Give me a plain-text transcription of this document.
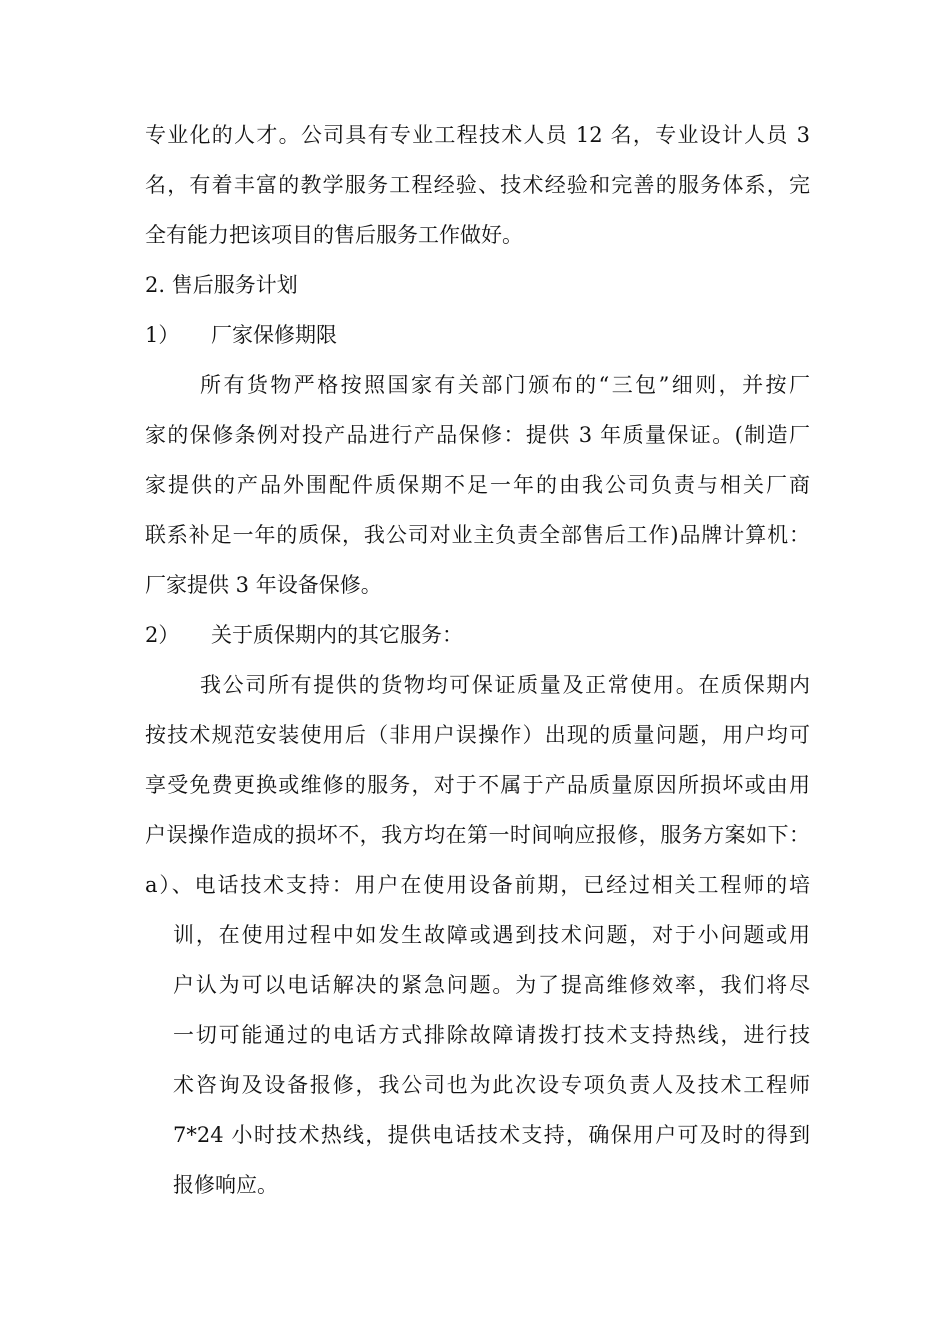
专业化的人才。公司具有专业工程技术人员 12 名，专业设计人员 3
名，有着丰富的教学服务工程经验、技术经验和完善的服务体系，完
全有能力把该项目的售后服务工作做好。
2. 售后服务计划
1） 厂家保修期限
所有货物严格按照国家有关部门颁布的“三包”细则，并按厂
家的保修条例对投产品进行产品保修：提供 3 年质量保证。(制造厂
家提供的产品外围配件质保期不足一年的由我公司负责与相关厂商
联系补足一年的质保，我公司对业主负责全部售后工作)品牌计算机：
厂家提供 3 年设备保修。
2） 关于质保期内的其它服务：
我公司所有提供的货物均可保证质量及正常使用。在质保期内
按技术规范安装使用后（非用户误操作）出现的质量问题，用户均可
享受免费更换或维修的服务，对于不属于产品质量原因所损坏或由用
户误操作造成的损坏不，我方均在第一时间响应报修，服务方案如下：
a）、电话技术支持：用户在使用设备前期，已经过相关工程师的培
训，在使用过程中如发生故障或遇到技术问题，对于小问题或用
户认为可以电话解决的紧急问题。为了提高维修效率，我们将尽
一切可能通过的电话方式排除故障请拨打技术支持热线，进行技
术咨询及设备报修，我公司也为此次设专项负责人及技术工程师
7*24 小时技术热线，提供电话技术支持，确保用户可及时的得到
报修响应。
